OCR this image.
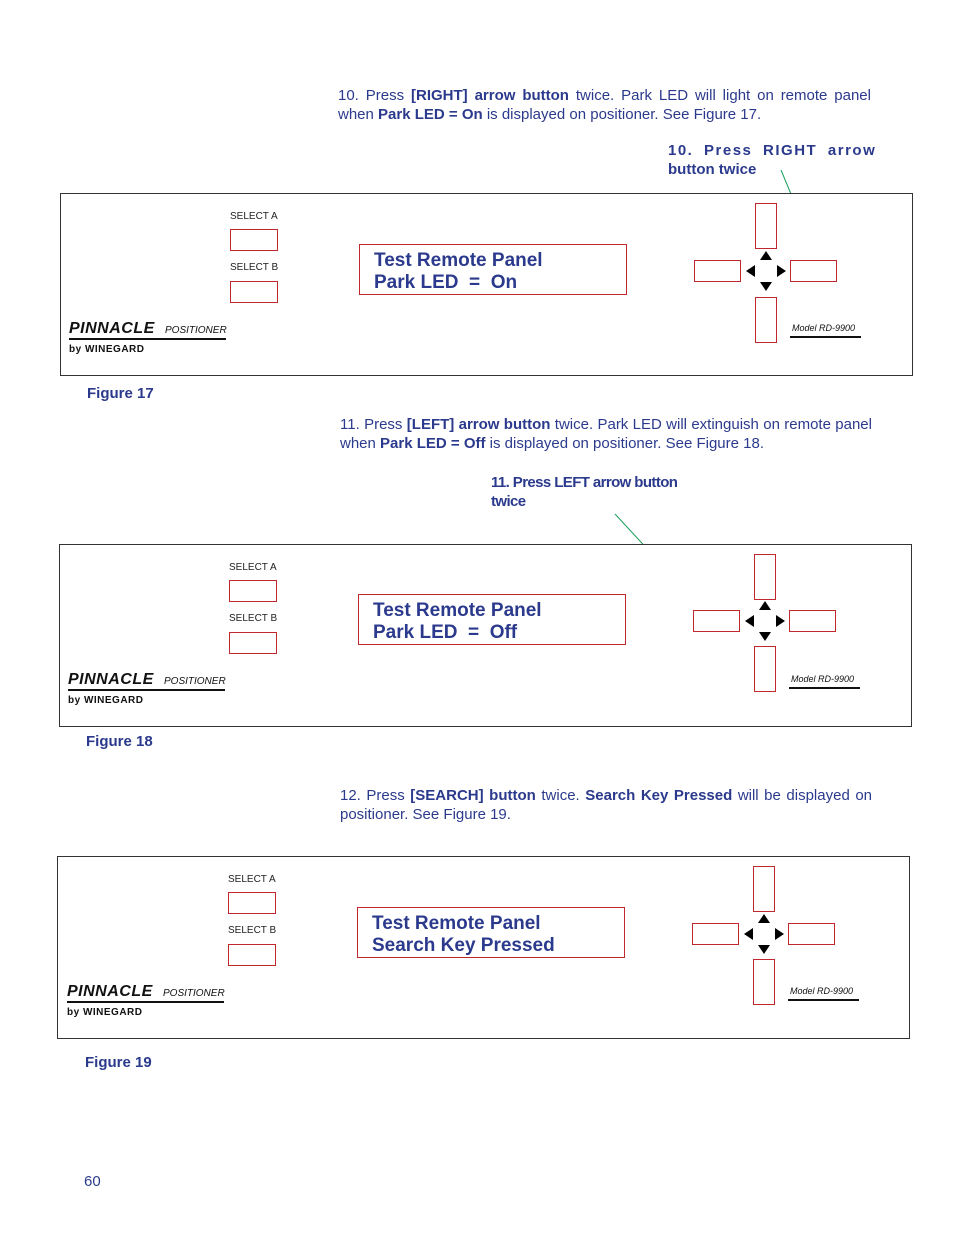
10. Press [RIGHT] arrow button twice. Park LED will light on remote panel when Park LED = On is displayed on positioner. See Figure 17.
10. Press RIGHT arrow
button twice
SELECT A
SELECT B	Test Remote Panel
Park LED  =  On
PINNACLE POSITIONER
by WINEGARD
Model RD-9900
Figure 17
11. Press [LEFT] arrow button twice. Park LED will extinguish on remote panel when Park LED = Off is displayed on positioner. See Figure 18.
11. Press LEFT arrow button
twice
SELECT A
SELECT B	Test Remote Panel
Park LED  =  Off
PINNACLE POSITIONER
by WINEGARD
Model RD-9900
Figure 18
12. Press [SEARCH] button twice. Search Key Pressed will be displayed on positioner. See Figure 19.
SELECT A
SELECT B	Test Remote Panel
Search Key Pressed
PINNACLE POSITIONER
by WINEGARD
Model RD-9900
Figure 19
60
